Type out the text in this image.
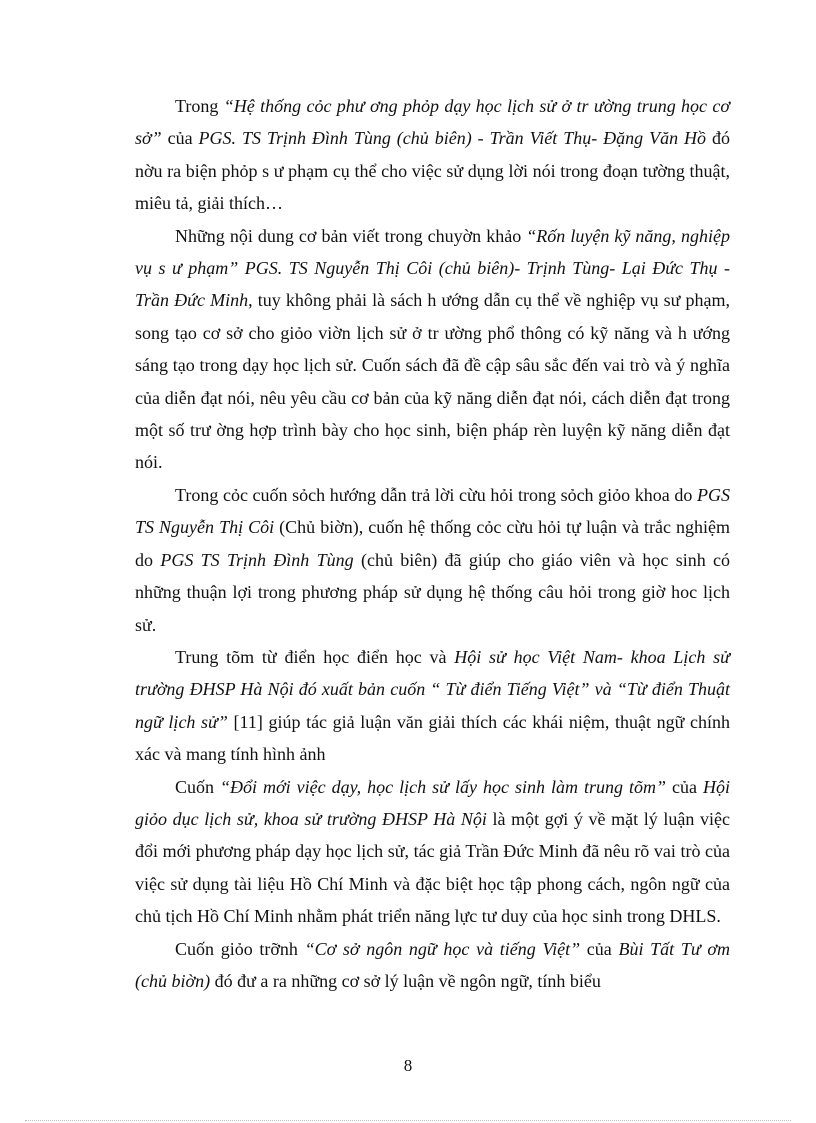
Trong “Hệ thống cỏc phư ơng phỏp dạy học lịch sử ở tr ường trung học cơ sở” của PGS. TS Trịnh Đình Tùng (chủ biên) - Trần Viết Thụ- Đặng Văn Hồ đó nờu ra biện phỏp s ư phạm cụ thể cho việc sử dụng lời nói trong đoạn tường thuật, miêu tả, giải thích…

Những nội dung cơ bản viết trong chuyờn khảo “Rốn luyện kỹ năng, nghiệp vụ s ư phạm” PGS. TS Nguyễn Thị Côi (chủ biên)- Trịnh Tùng- Lại Đức Thụ - Trần Đức Minh, tuy không phải là sách h ướng dẫn cụ thể về nghiệp vụ sư phạm, song tạo cơ sở cho giỏo viờn lịch sử ở tr ường phổ thông có kỹ năng và h ướng sáng tạo trong dạy học lịch sử. Cuốn sách đã đề cập sâu sắc đến vai trò và ý nghĩa của diễn đạt nói, nêu yêu cầu cơ bản của kỹ năng diễn đạt nói, cách diễn đạt trong một số trư ờng hợp trình bày cho học sinh, biện pháp rèn luyện kỹ năng diễn đạt nói.

Trong cỏc cuốn sỏch hướng dẫn trả lời cừu hỏi trong sỏch giỏo khoa do PGS TS Nguyễn Thị Côi (Chủ biờn), cuốn hệ thống cỏc cừu hỏi tự luận và trắc nghiệm do PGS TS Trịnh Đình Tùng (chủ biên) đã giúp cho giáo viên và học sinh có những thuận lợi trong phương pháp sử dụng hệ thống câu hỏi trong giờ hoc lịch sử.

Trung tõm từ điển học điển học và Hội sử học Việt Nam- khoa Lịch sử trường ĐHSP Hà Nội đó xuất bản cuốn “ Từ điển Tiếng Việt” và “Từ điển Thuật ngữ lịch sử” [11] giúp tác giả luận văn giải thích các khái niệm, thuật ngữ chính xác và mang tính hình ảnh

Cuốn “Đổi mới việc dạy, học lịch sử lấy học sinh làm trung tõm” của Hội giỏo dục lịch sử, khoa sử trường ĐHSP Hà Nội là một gợi ý về mặt lý luận việc đổi mới phương pháp dạy học lịch sử, tác giả Trần Đức Minh đã nêu rõ vai trò của việc sử dụng tài liệu Hồ Chí Minh và đặc biệt học tập phong cách, ngôn ngữ của chủ tịch Hồ Chí Minh nhằm phát triển năng lực tư duy của học sinh trong DHLS.

Cuốn giỏo trỡnh “Cơ sở ngôn ngữ học và tiếng Việt” của Bùi Tất Tư ơm (chủ biờn) đó đư a ra những cơ sở lý luận về ngôn ngữ, tính biểu

8
